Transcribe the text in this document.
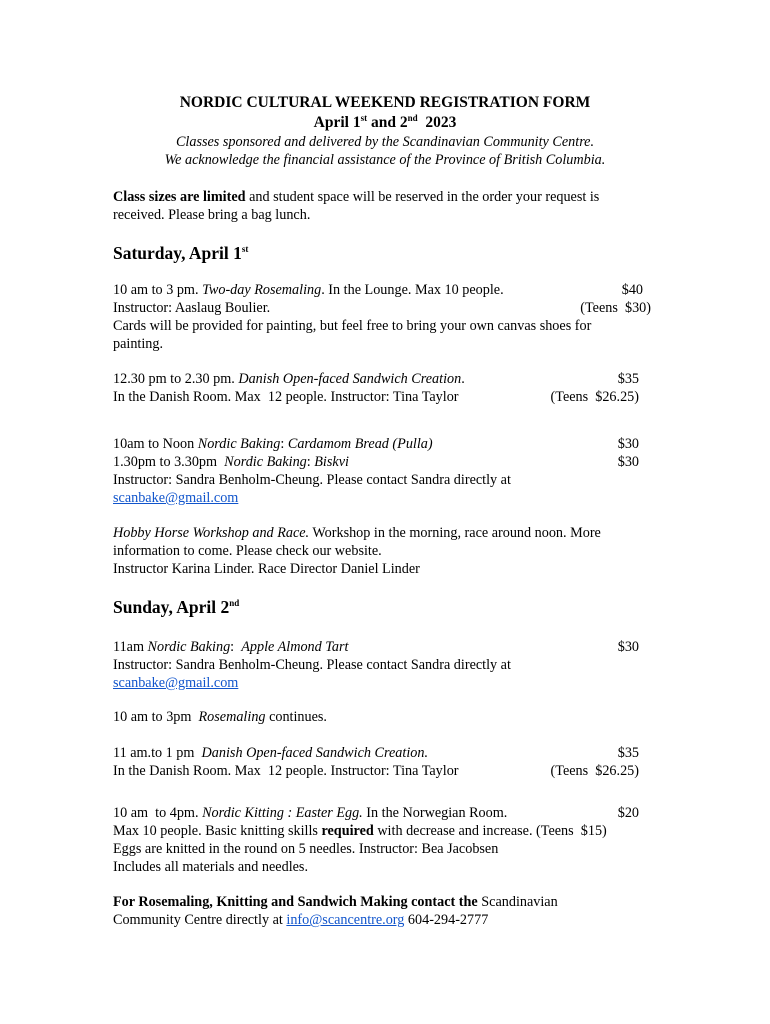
NORDIC CULTURAL WEEKEND REGISTRATION FORM
April 1st and 2nd  2023
Classes sponsored and delivered by the Scandinavian Community Centre.
We acknowledge the financial assistance of the Province of British Columbia.
Class sizes are limited and student space will be reserved in the order your request is
received. Please bring a bag lunch.
Saturday, April 1st
10 am to 3 pm. Two-day Rosemaling. In the Lounge. Max 10 people.	$40
Instructor: Aaslaug Boulier.	(Teens  $30)
Cards will be provided for painting, but feel free to bring your own canvas shoes for
painting.
12.30 pm to 2.30 pm. Danish Open-faced Sandwich Creation.	$35
In the Danish Room. Max  12 people. Instructor: Tina Taylor	(Teens  $26.25)
10am to Noon Nordic Baking: Cardamom Bread (Pulla)	$30
1.30pm to 3.30pm  Nordic Baking: Biskvi	$30
Instructor: Sandra Benholm-Cheung. Please contact Sandra directly at
scanbake@gmail.com
Hobby Horse Workshop and Race. Workshop in the morning, race around noon. More
information to come. Please check our website.
Instructor Karina Linder. Race Director Daniel Linder
Sunday, April 2nd
11am Nordic Baking:  Apple Almond Tart	$30
Instructor: Sandra Benholm-Cheung. Please contact Sandra directly at
scanbake@gmail.com
10 am to 3pm  Rosemaling continues.
11 am.to 1 pm  Danish Open-faced Sandwich Creation.	$35
In the Danish Room. Max  12 people. Instructor: Tina Taylor	(Teens  $26.25)
10 am  to 4pm. Nordic Kitting : Easter Egg. In the Norwegian Room.	$20
Max 10 people. Basic knitting skills required with decrease and increase. (Teens  $15)
Eggs are knitted in the round on 5 needles. Instructor: Bea Jacobsen
Includes all materials and needles.
For Rosemaling, Knitting and Sandwich Making contact the Scandinavian
Community Centre directly at info@scancentre.org 604-294-2777
